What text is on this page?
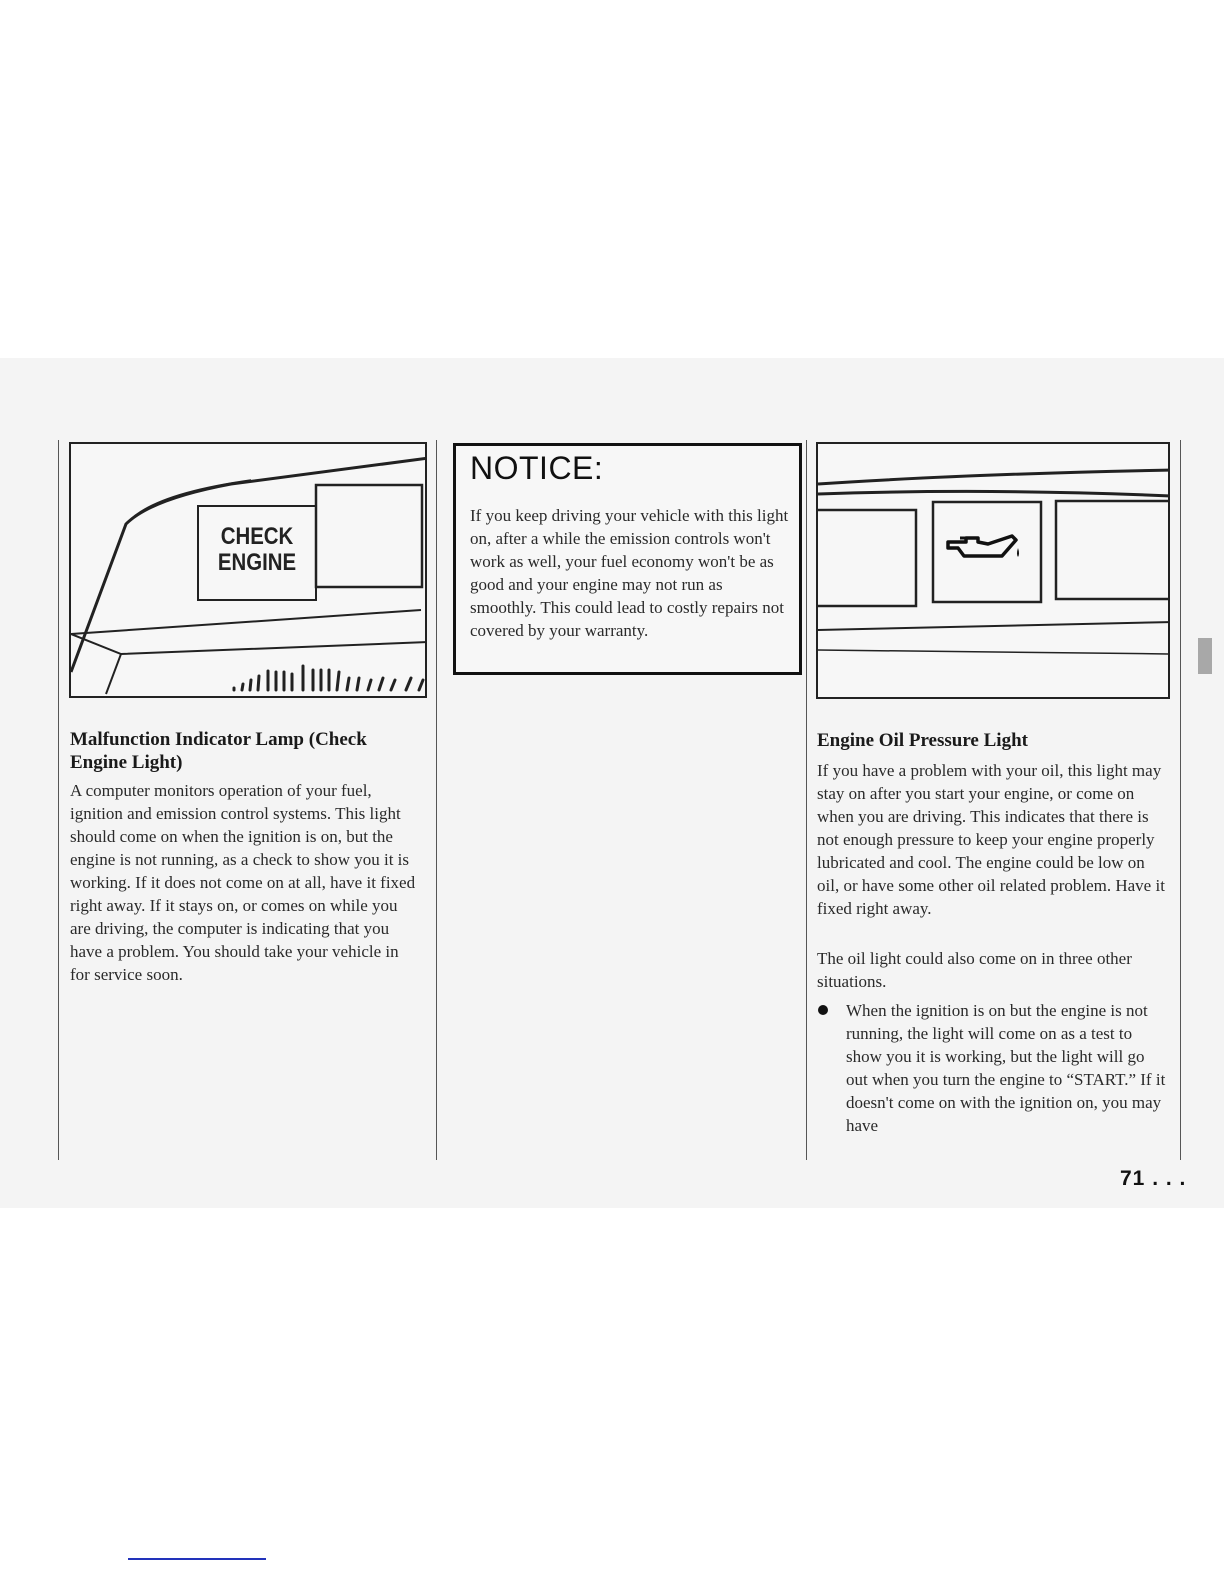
CHECK
ENGINE
Malfunction Indicator Lamp (Check Engine Light)

A computer monitors operation of your fuel, ignition and emission control systems. This light should come on when the ignition is on, but the engine is not running, as a check to show you it is working. If it does not come on at all, have it fixed right away. If it stays on, or comes on while you are driving, the computer is indicating that you have a problem. You should take your vehicle in for service soon.

NOTICE:

If you keep driving your vehicle with this light on, after a while the emission controls won't work as well, your fuel economy won't be as good and your engine may not run as smoothly. This could lead to costly repairs not covered by your warranty.

Engine Oil Pressure Light

If you have a problem with your oil, this light may stay on after you start your engine, or come on when you are driving. This indicates that there is not enough pressure to keep your engine properly lubricated and cool. The engine could be low on oil, or have some other oil related problem. Have it fixed right away.

The oil light could also come on in three other situations.

When the ignition is on but the engine is not running, the light will come on as a test to show you it is working, but the light will go out when you turn the engine to “START.” If it doesn't come on with the ignition on, you may have

71 . . .
